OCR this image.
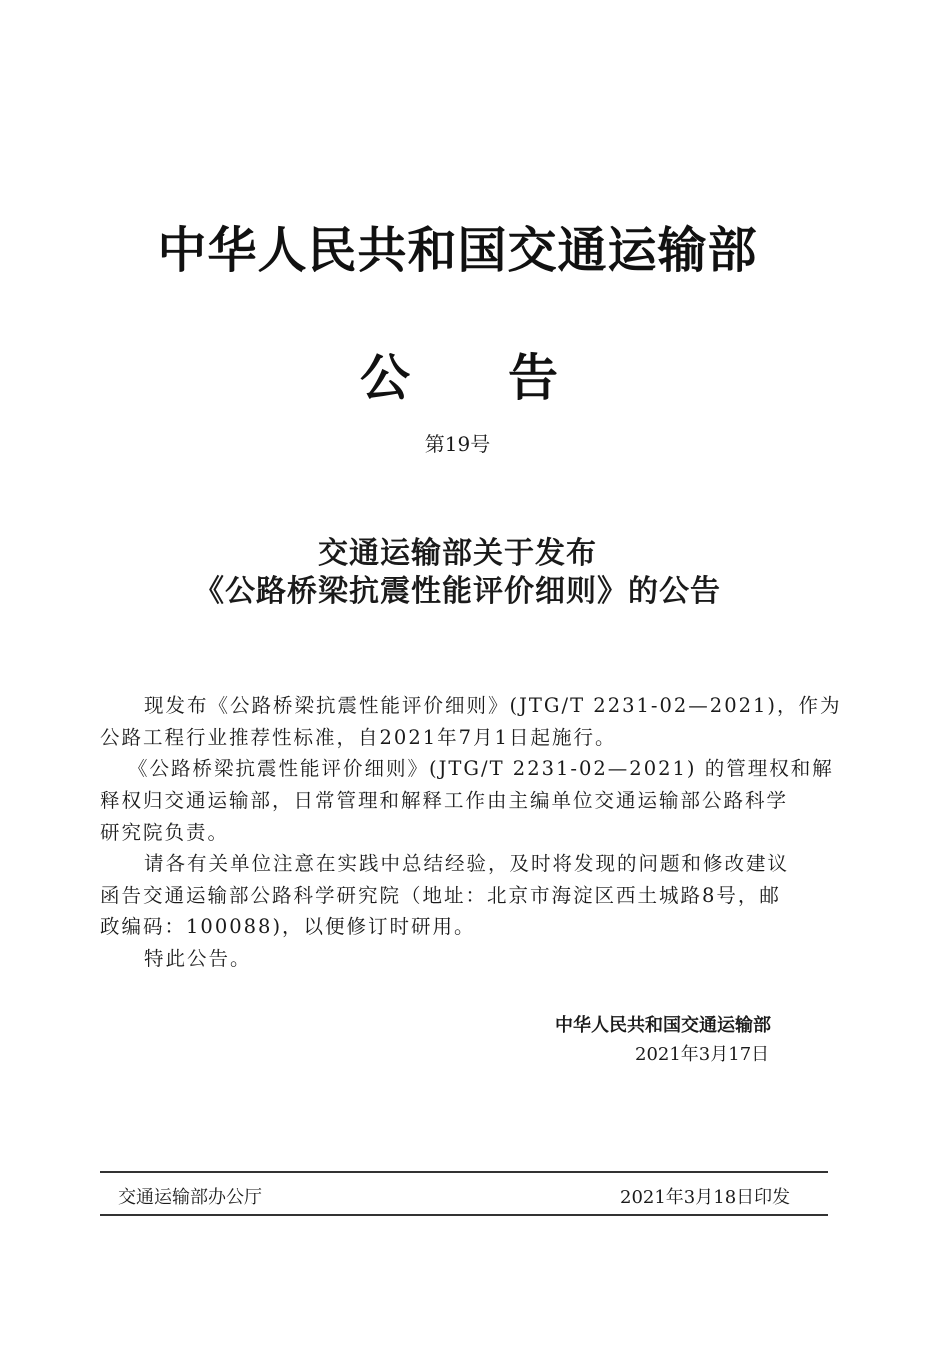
中华人民共和国交通运输部
公 告
第19号
交通运输部关于发布
《公路桥梁抗震性能评价细则》的公告
现发布《公路桥梁抗震性能评价细则》(JTG/T 2231-02—2021)，作为
公路工程行业推荐性标准，自2021年7月1日起施行。
《公路桥梁抗震性能评价细则》(JTG/T 2231-02—2021) 的管理权和解
释权归交通运输部，日常管理和解释工作由主编单位交通运输部公路科学
研究院负责。
请各有关单位注意在实践中总结经验，及时将发现的问题和修改建议
函告交通运输部公路科学研究院（地址：北京市海淀区西土城路8号，邮
政编码：100088)，以便修订时研用。
特此公告。
中华人民共和国交通运输部
2021年3月17日
交通运输部办公厅	2021年3月18日印发
